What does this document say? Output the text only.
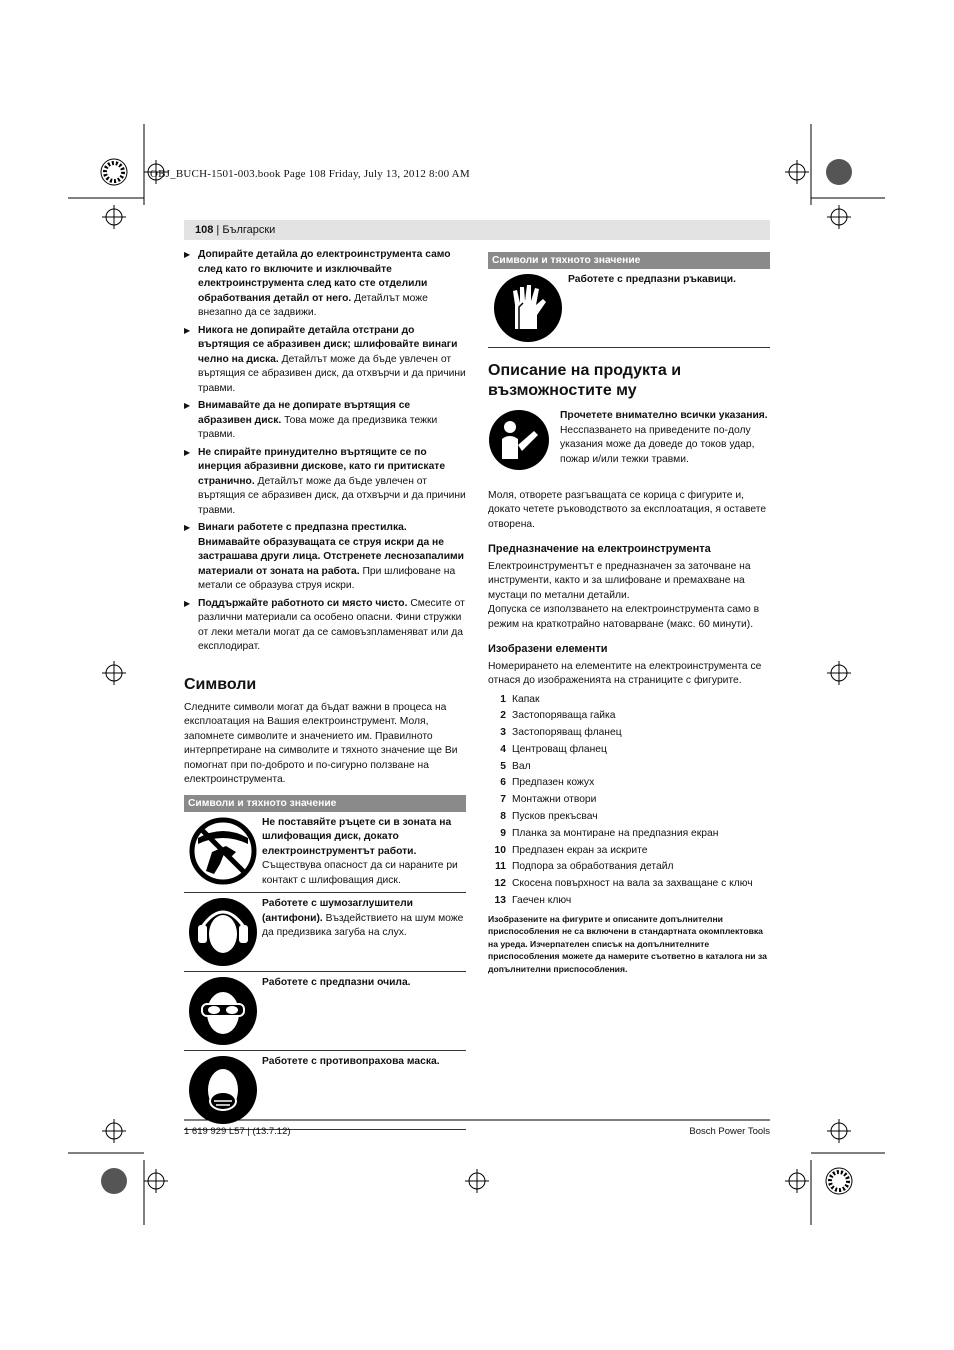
OBJ_BUCH-1501-003.book Page 108 Friday, July 13, 2012 8:00 AM
108 | Български
▶ Допирайте детайла до електроинструмента само след като го включите и изключвайте електроинструмента след като сте отделили обработвания детайл от него. Детайлът може внезапно да се задвижи.
▶ Никога не допирайте детайла отстрани до въртящия се абразивен диск; шлифовайте винаги челно на диска. Детайлът може да бъде увлечен от въртящия се абразивен диск, да отхвърчи и да причини травми.
▶ Внимавайте да не допирате въртящия се абразивен диск. Това може да предизвика тежки травми.
▶ Не спирайте принудително въртящите се по инерция абразивни дискове, като ги притискате странично. Детайлът може да бъде увлечен от въртящия се абразивен диск, да отхвърчи и да причини травми.
▶ Винаги работете с предпазна престилка. Внимавайте образуващата се струя искри да не застрашава други лица. Отстренете леснозапалими материали от зоната на работа. При шлифоване на метали се образува струя искри.
▶ Поддържайте работното си място чисто. Смесите от различни материали са особено опасни. Фини стружки от леки метали могат да се самовъзпламеняват или да експлодират.
Символи

Следните символи могат да бъдат важни в процеса на експлоатация на Вашия електроинструмент. Моля, запомнете символите и значението им. Правилното интерпретиране на символите и тяхното значение ще Ви помогнат при по-доброто и по-сигурно ползване на електроинструмента.

Символи и тяхното значение
Не поставяйте ръцете си в зоната на шлифоващия диск, докато електроинструментът работи. Съществува опасност да си нараните ри контакт с шлифоващия диск.
Работете с шумозаглушители (антифони). Въздействието на шум може да предизвика загуба на слух.
Работете с предпазни очила.
Работете с противопрахова маска.
Символи и тяхното значение
Работете с предпазни ръкавици.
Описание на продукта и
възможностите му
Прочетете внимателно всички указания. Несспазването на приведените по-долу указания може да доведе до токов удар, пожар и/или тежки травми.

Моля, отворете разгъващата се корица с фигурите и, докато четете ръководството за експлоатация, я оставете отворена.

Предназначение на електроинструмента

Електроинструментът е предназначен за заточване на инструменти, както и за шлифоване и премахване на мустаци по метални детайли.

Допуска се използването на електроинструмента само в режим на краткотрайно натоварване (макс. 60 минути).

Изобразени елементи

Номерирането на елементите на електроинструмента се отнася до изображенията на страниците с фигурите.

1 Капак
2 Застопоряваща гайка
3 Застопоряващ фланец
4 Центроващ фланец
5 Вал
6 Предпазен кожух
7 Монтажни отвори
8 Пусков прекъсвач
9 Планка за монтиране на предпазния екран
10 Предпазен екран за искрите
11 Подпора за обработвания детайл
12 Скосена повърхност на вала за захващане с ключ
13 Гаечен ключ

Изобразените на фигурите и описаните допълнителни приспособления не са включени в стандартната окомплектовка на уреда. Изчерпателен списък на допълнителните приспособления можете да намерите съответно в каталога ни за допълнителни приспособления.

1 619 929 L57 | (13.7.12)	Bosch Power Tools
